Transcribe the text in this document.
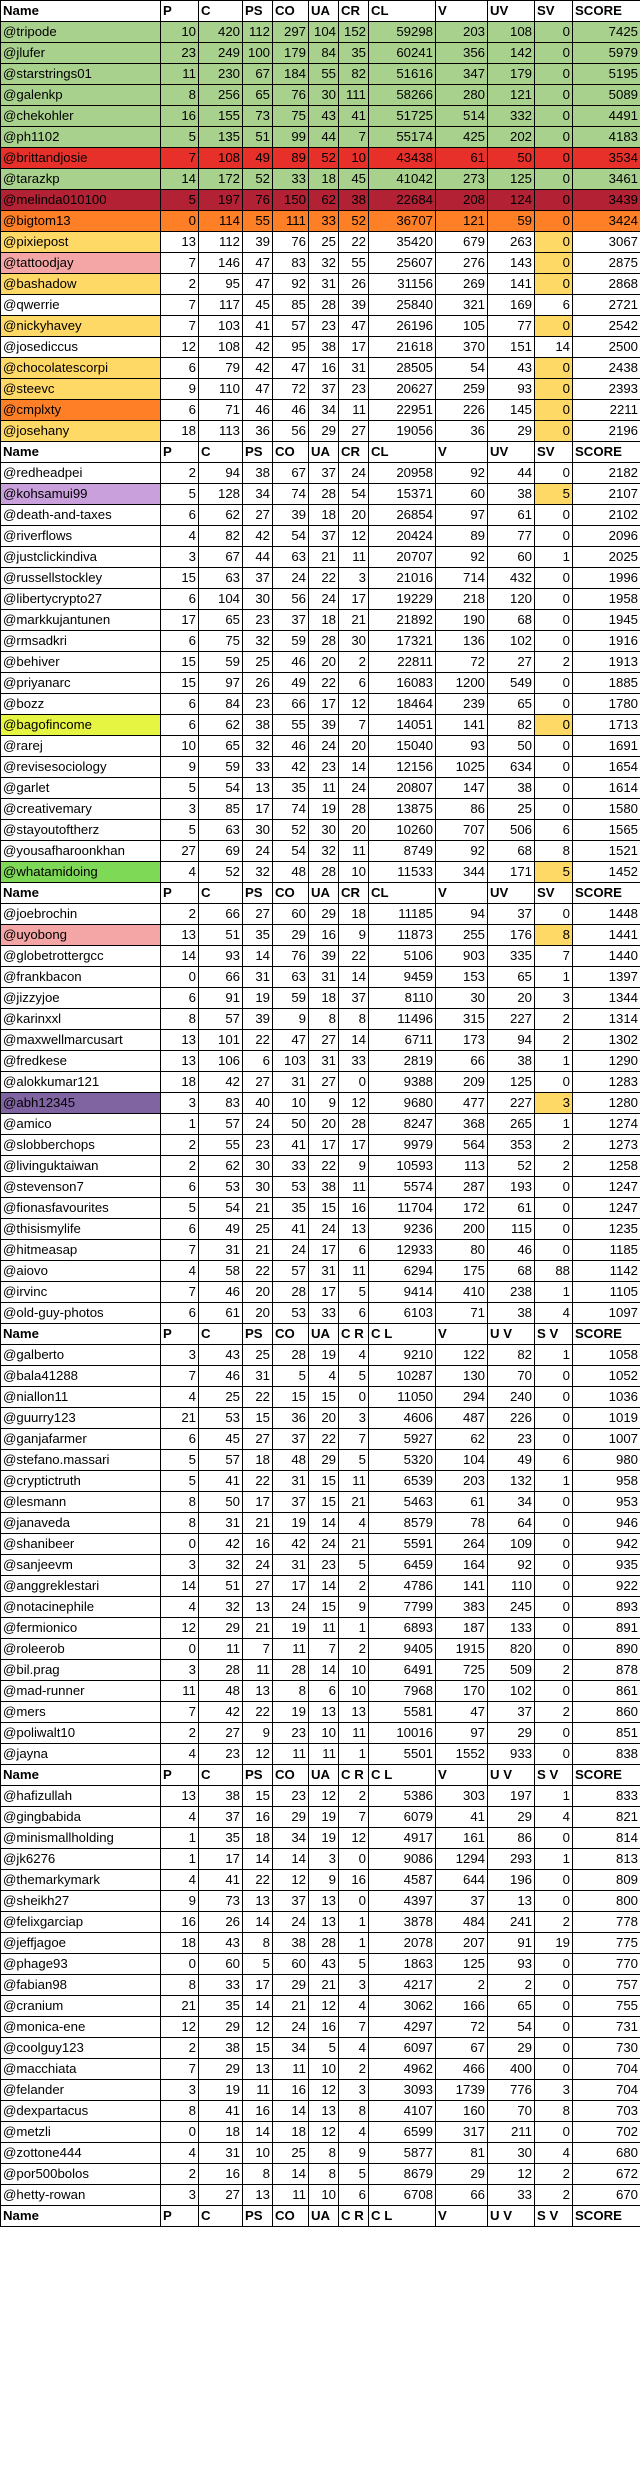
Name	P	C	PS	CO	UA	CR	CL	V	UV	SV	SCORE
@tripode	10	420	112	297	104	152	59298	203	108	0	7425
@jlufer	23	249	100	179	84	35	60241	356	142	0	5979
@starstrings01	11	230	67	184	55	82	51616	347	179	0	5195
@galenkp	8	256	65	76	30	111	58266	280	121	0	5089
@chekohler	16	155	73	75	43	41	51725	514	332	0	4491
@ph1102	5	135	51	99	44	7	55174	425	202	0	4183
@brittandjosie	7	108	49	89	52	10	43438	61	50	0	3534
@tarazkp	14	172	52	33	18	45	41042	273	125	0	3461
@melinda010100	5	197	76	150	62	38	22684	208	124	0	3439
@bigtom13	0	114	55	111	33	52	36707	121	59	0	3424
@pixiepost	13	112	39	76	25	22	35420	679	263	0	3067
@tattoodjay	7	146	47	83	32	55	25607	276	143	0	2875
@bashadow	2	95	47	92	31	26	31156	269	141	0	2868
@qwerrie	7	117	45	85	28	39	25840	321	169	6	2721
@nickyhavey	7	103	41	57	23	47	26196	105	77	0	2542
@josediccus	12	108	42	95	38	17	21618	370	151	14	2500
@chocolatescorpi	6	79	42	47	16	31	28505	54	43	0	2438
@steevc	9	110	47	72	37	23	20627	259	93	0	2393
@cmplxty	6	71	46	46	34	11	22951	226	145	0	2211
@josehany	18	113	36	56	29	27	19056	36	29	0	2196
Name	P	C	PS	CO	UA	CR	CL	V	UV	SV	SCORE
@redheadpei	2	94	38	67	37	24	20958	92	44	0	2182
@kohsamui99	5	128	34	74	28	54	15371	60	38	5	2107
@death-and-taxes	6	62	27	39	18	20	26854	97	61	0	2102
@riverflows	4	82	42	54	37	12	20424	89	77	0	2096
@justclickindiva	3	67	44	63	21	11	20707	92	60	1	2025
@russellstockley	15	63	37	24	22	3	21016	714	432	0	1996
@libertycrypto27	6	104	30	56	24	17	19229	218	120	0	1958
@markkujantunen	17	65	23	37	18	21	21892	190	68	0	1945
@rmsadkri	6	75	32	59	28	30	17321	136	102	0	1916
@behiver	15	59	25	46	20	2	22811	72	27	2	1913
@priyanarc	15	97	26	49	22	6	16083	1200	549	0	1885
@bozz	6	84	23	66	17	12	18464	239	65	0	1780
@bagofincome	6	62	38	55	39	7	14051	141	82	0	1713
@rarej	10	65	32	46	24	20	15040	93	50	0	1691
@revisesociology	9	59	33	42	23	14	12156	1025	634	0	1654
@garlet	5	54	13	35	11	24	20807	147	38	0	1614
@creativemary	3	85	17	74	19	28	13875	86	25	0	1580
@stayoutoftherz	5	63	30	52	30	20	10260	707	506	6	1565
@yousafharoonkhan	27	69	24	54	32	11	8749	92	68	8	1521
@whatamidoing	4	52	32	48	28	10	11533	344	171	5	1452
Name	P	C	PS	CO	UA	CR	CL	V	UV	SV	SCORE
@joebrochin	2	66	27	60	29	18	11185	94	37	0	1448
@uyobong	13	51	35	29	16	9	11873	255	176	8	1441
@globetrottergcc	14	93	14	76	39	22	5106	903	335	7	1440
@frankbacon	0	66	31	63	31	14	9459	153	65	1	1397
@jizzyjoe	6	91	19	59	18	37	8110	30	20	3	1344
@karinxxl	8	57	39	9	8	8	11496	315	227	2	1314
@maxwellmarcusart	13	101	22	47	27	14	6711	173	94	2	1302
@fredkese	13	106	6	103	31	33	2819	66	38	1	1290
@alokkumar121	18	42	27	31	27	0	9388	209	125	0	1283
@abh12345	3	83	40	10	9	12	9680	477	227	3	1280
@amico	1	57	24	50	20	28	8247	368	265	1	1274
@slobberchops	2	55	23	41	17	17	9979	564	353	2	1273
@livinguktaiwan	2	62	30	33	22	9	10593	113	52	2	1258
@stevenson7	6	53	30	53	38	11	5574	287	193	0	1247
@fionasfavourites	5	54	21	35	15	16	11704	172	61	0	1247
@thisismylife	6	49	25	41	24	13	9236	200	115	0	1235
@hitmeasap	7	31	21	24	17	6	12933	80	46	0	1185
@aiovo	4	58	22	57	31	11	6294	175	68	88	1142
@irvinc	7	46	20	28	17	5	9414	410	238	1	1105
@old-guy-photos	6	61	20	53	33	6	6103	71	38	4	1097
Name	P	C	PS	CO	UA	C R	C L	V	U V	S V	SCORE
@galberto	3	43	25	28	19	4	9210	122	82	1	1058
@bala41288	7	46	31	5	4	5	10287	130	70	0	1052
@niallon11	4	25	22	15	15	0	11050	294	240	0	1036
@guurry123	21	53	15	36	20	3	4606	487	226	0	1019
@ganjafarmer	6	45	27	37	22	7	5927	62	23	0	1007
@stefano.massari	5	57	18	48	29	5	5320	104	49	6	980
@cryptictruth	5	41	22	31	15	11	6539	203	132	1	958
@lesmann	8	50	17	37	15	21	5463	61	34	0	953
@janaveda	8	31	21	19	14	4	8579	78	64	0	946
@shanibeer	0	42	16	42	24	21	5591	264	109	0	942
@sanjeevm	3	32	24	31	23	5	6459	164	92	0	935
@anggreklestari	14	51	27	17	14	2	4786	141	110	0	922
@notacinephile	4	32	13	24	15	9	7799	383	245	0	893
@fermionico	12	29	21	19	11	1	6893	187	133	0	891
@roleerob	0	11	7	11	7	2	9405	1915	820	0	890
@bil.prag	3	28	11	28	14	10	6491	725	509	2	878
@mad-runner	11	48	13	8	6	10	7968	170	102	0	861
@mers	7	42	22	19	13	13	5581	47	37	2	860
@poliwalt10	2	27	9	23	10	11	10016	97	29	0	851
@jayna	4	23	12	11	11	1	5501	1552	933	0	838
Name	P	C	PS	CO	UA	C R	C L	V	U V	S V	SCORE
@hafizullah	13	38	15	23	12	2	5386	303	197	1	833
@gingbabida	4	37	16	29	19	7	6079	41	29	4	821
@minismallholding	1	35	18	34	19	12	4917	161	86	0	814
@jk6276	1	17	14	14	3	0	9086	1294	293	1	813
@themarkymark	4	41	22	12	9	16	4587	644	196	0	809
@sheikh27	9	73	13	37	13	0	4397	37	13	0	800
@felixgarciap	16	26	14	24	13	1	3878	484	241	2	778
@jeffjagoe	18	43	8	38	28	1	2078	207	91	19	775
@phage93	0	60	5	60	43	5	1863	125	93	0	770
@fabian98	8	33	17	29	21	3	4217	2	2	0	757
@cranium	21	35	14	21	12	4	3062	166	65	0	755
@monica-ene	12	29	12	24	16	7	4297	72	54	0	731
@coolguy123	2	38	15	34	5	4	6097	67	29	0	730
@macchiata	7	29	13	11	10	2	4962	466	400	0	704
@felander	3	19	11	16	12	3	3093	1739	776	3	704
@dexpartacus	8	41	16	14	13	8	4107	160	70	8	703
@metzli	0	18	14	18	12	4	6599	317	211	0	702
@zottone444	4	31	10	25	8	9	5877	81	30	4	680
@por500bolos	2	16	8	14	8	5	8679	29	12	2	672
@hetty-rowan	3	27	13	11	10	6	6708	66	33	2	670
Name	P	C	PS	CO	UA	C R	C L	V	U V	S V	SCORE
